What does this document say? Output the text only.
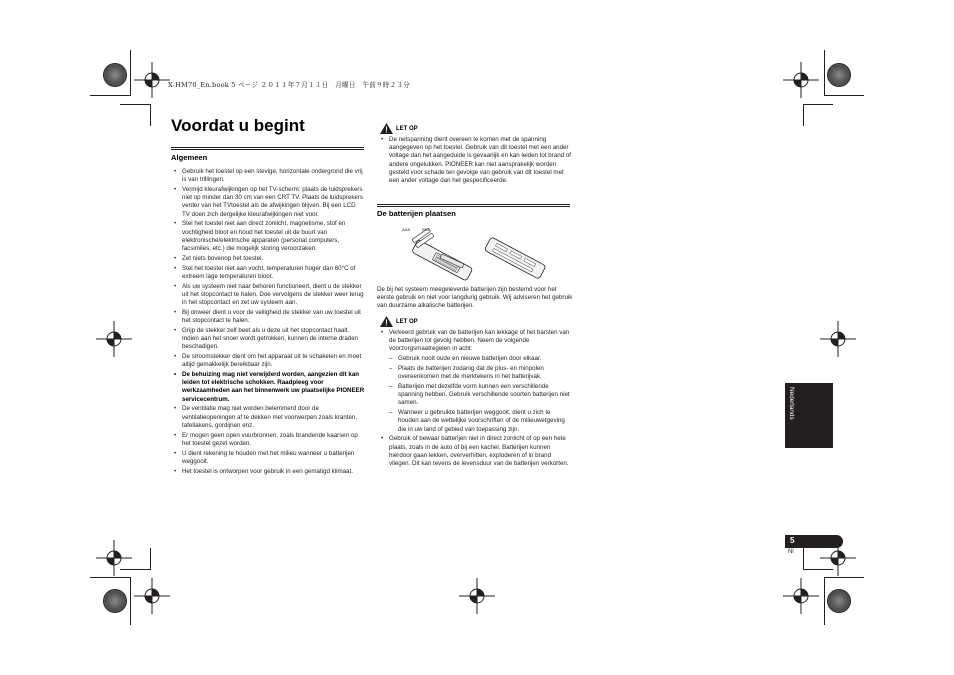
X-HM70_En.book 5 ページ ２０１１年７月１１日　月曜日　午前９時２３分
Voordat u begint
Algemeen
• Gebruik het toestel op een stevige, horizontale ondergrond die vrij is van trillingen.
• Vermijd kleurafwijkingen op het TV-scherm: plaats de luidsprekers niet op minder dan 30 cm van een CRT TV. Plaats de luidsprekers verder van het TVtoestel als de afwijkingen blijven. Bij een LCD TV doen zich dergelijke kleurafwijkingen niet voor.
• Stel het toestel niet aan direct zonlicht, magnetisme, stof en vochtigheid bloot en houd het toestel uit de buurt van elektronische/elektrische apparaten (personal computers, facsimiles, etc.) die mogelijk storing veroorzaken.
• Zet niets bovenop het toestel.
• Stel het toestel niet aan vocht, temperaturen hoger dan 60°C of extreem lage temperaturen bloot.
• Als uw systeem niet naar behoren functioneert, dient u de stekker uit het stopcontact te halen. Doe vervolgens de stekker weer terug in het stopcontact en zet uw systeem aan.
• Bij onweer dient u voor de veiligheid de stekker van uw toestel uit het stopcontact te halen.
• Grijp de stekker zelf beet als u deze uit het stopcontact haalt. Indien aan het snoer wordt getrokken, kunnen de interne draden beschadigen.
• De stroomstekker dient om het apparaat uit te schakelen en moet altijd gemakkelijk bereikbaar zijn.
• De behuizing mag niet verwijderd worden, aangezien dit kan leiden tot elektrische schokken. Raadpleeg voor werkzaamheden aan het binnenwerk uw plaatselijke PIONEER servicecentrum.
• De ventilatie mag niet worden belemmerd door de ventilatieopeningen af te dekken met voorwerpen zoals kranten, tafellakens, gordijnen enz.
• Er mogen geen open vuurbronnen, zoals brandende kaarsen op het toestel gezet worden.
• U dient rekening te houden met het milieu wanneer u batterijen weggooit.
• Het toestel is ontworpen voor gebruik in een gematigd klimaat.
LET OP
• De netspanning dient overeen te komen met de spanning aangegeven op het toestel. Gebruik van dit toestel met een ander voltage dan het aangeduide is gevaarlijk en kan leiden tot brand of andere ongelukken. PIONEER kan niet aansprakelijk worden gesteld voor schade ten gevolge van gebruik van dit toestel met een ander voltage dan het gespecificeerde.
De batterijen plaatsen
AAA	R03

De bij het systeem meegeleverde batterijen zijn bestemd voor het eerste gebruik en niet voor langdurig gebruik. Wij adviseren het gebruik van duurzame alkalische batterijen.

LET OP
• Verkeerd gebruik van de batterijen kan lekkage of het barsten van de batterijen tot gevolg hebben. Neem de volgende voorzorgsmaatregelen in acht:
– Gebruik nooit oude en nieuwe batterijen door elkaar.
– Plaats de batterijen zodanig dat de plus- en minpolen overeenkomen met de merktekens in het batterijvak.
– Batterijen met dezelfde vorm kunnen een verschillende spanning hebben. Gebruik verschillende soorten batterijen niet samen.
– Wanneer u gebruikte batterijen weggooit, dient u zich te houden aan de wettelijke voorschriften of de milieuwetgeving die in uw land of gebied van toepassing zijn.
• Gebruik of bewaar batterijen niet in direct zonlicht of op een hete plaats, zoals in de auto of bij een kachel. Batterijen kunnen hierdoor gaan lekken, oververhitten, exploderen of in brand vliegen. Dit kan tevens de levensduur van de batterijen verkorten.
Nederlands
5
Nl
